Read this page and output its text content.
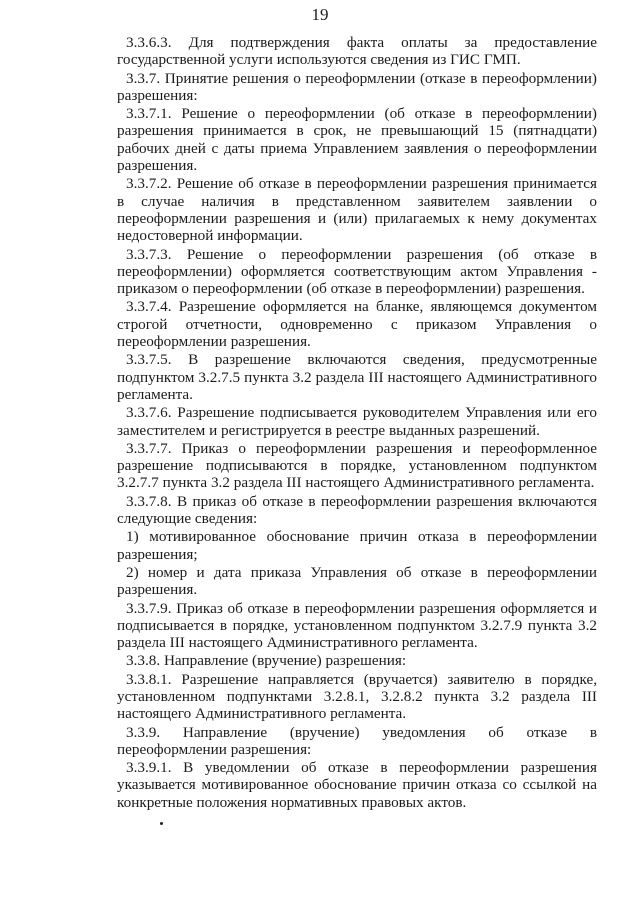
19

3.3.6.3. Для подтверждения факта оплаты за предоставление государственной услуги используются сведения из ГИС ГМП.

3.3.7. Принятие решения о переоформлении (отказе в переоформлении) разрешения:

3.3.7.1. Решение о переоформлении (об отказе в переоформлении) разрешения принимается в срок, не превышающий 15 (пятнадцати) рабочих дней с даты приема Управлением заявления о переоформлении разрешения.

3.3.7.2. Решение об отказе в переоформлении разрешения принимается в случае наличия в представленном заявителем заявлении о переоформлении разрешения и (или) прилагаемых к нему документах недостоверной информации.

3.3.7.3. Решение о переоформлении разрешения (об отказе в переоформлении) оформляется соответствующим актом Управления - приказом о переоформлении (об отказе в переоформлении) разрешения.

3.3.7.4. Разрешение оформляется на бланке, являющемся документом строгой отчетности, одновременно с приказом Управления о переоформлении разрешения.

3.3.7.5. В разрешение включаются сведения, предусмотренные подпунктом 3.2.7.5 пункта 3.2 раздела III настоящего Административного регламента.

3.3.7.6. Разрешение подписывается руководителем Управления или его заместителем и регистрируется в реестре выданных разрешений.

3.3.7.7. Приказ о переоформлении разрешения и переоформленное разрешение подписываются в порядке, установленном подпунктом 3.2.7.7 пункта 3.2 раздела III настоящего Административного регламента.

3.3.7.8. В приказ об отказе в переоформлении разрешения включаются следующие сведения:

1) мотивированное обоснование причин отказа в переоформлении разрешения;

2) номер и дата приказа Управления об отказе в переоформлении разрешения.

3.3.7.9. Приказ об отказе в переоформлении разрешения оформляется и подписывается в порядке, установленном подпунктом 3.2.7.9 пункта 3.2 раздела III настоящего Административного регламента.

3.3.8. Направление (вручение) разрешения:

3.3.8.1. Разрешение направляется (вручается) заявителю в порядке, установленном подпунктами 3.2.8.1, 3.2.8.2 пункта 3.2 раздела III настоящего Административного регламента.

3.3.9. Направление (вручение) уведомления об отказе в переоформлении разрешения:

3.3.9.1. В уведомлении об отказе в переоформлении разрешения указывается мотивированное обоснование причин отказа со ссылкой на конкретные положения нормативных правовых актов.
